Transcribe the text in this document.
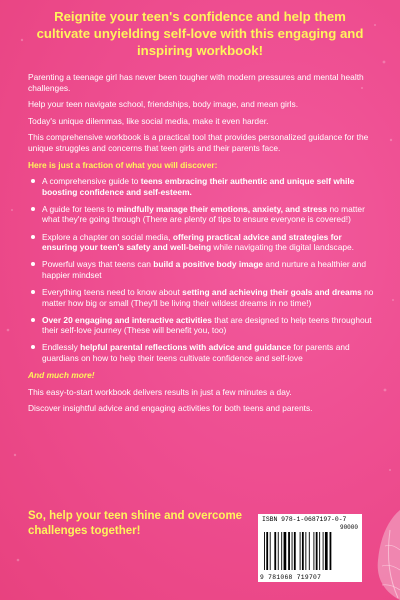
Reignite your teen's confidence and help them cultivate unyielding self-love with this engaging and inspiring workbook!

Parenting a teenage girl has never been tougher with modern pressures and mental health challenges.

Help your teen navigate school, friendships, body image, and mean girls.

Today's unique dilemmas, like social media, make it even harder.

This comprehensive workbook is a practical tool that provides personalized guidance for the unique struggles and concerns that teen girls and their parents face.

Here is just a fraction of what you will discover:

A comprehensive guide to teens embracing their authentic and unique self while boosting confidence and self-esteem.
A guide for teens to mindfully manage their emotions, anxiety, and stress no matter what they're going through (There are plenty of tips to ensure everyone is covered!)
Explore a chapter on social media, offering practical advice and strategies for ensuring your teen's safety and well-being while navigating the digital landscape.
Powerful ways that teens can build a positive body image and nurture a healthier and happier mindset
Everything teens need to know about setting and achieving their goals and dreams no matter how big or small (They'll be living their wildest dreams in no time!)
Over 20 engaging and interactive activities that are designed to help teens throughout their self-love journey (These will benefit you, too)
Endlessly helpful parental reflections with advice and guidance for parents and guardians on how to help their teens cultivate confidence and self-love

And much more!

This easy-to-start workbook delivers results in just a few minutes a day.

Discover insightful advice and engaging activities for both teens and parents.

So, help your teen shine and overcome challenges together!
ISBN 978-1-0687197-0-7
90000
9 781068 719707
